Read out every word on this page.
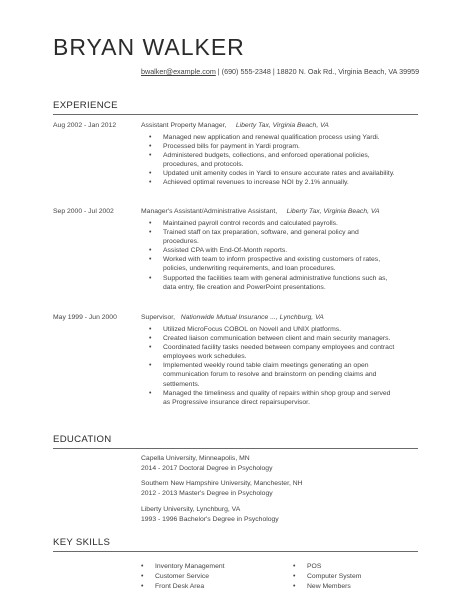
BRYAN WALKER
bwalker@example.com | (690) 555-2348 | 18820 N. Oak Rd., Virginia Beach, VA 39959
EXPERIENCE
Aug 2002 - Jan 2012	Assistant Property Manager, Liberty Tax, Virginia Beach, VA
• Managed new application and renewal qualification process using Yardi.
• Processed bills for payment in Yardi program.
• Administered budgets, collections, and enforced operational policies, procedures, and protocols.
• Updated unit amenity codes in Yardi to ensure accurate rates and availability.
• Achieved optimal revenues to increase NOI by 2.1% annually.
Sep 2000 - Jul 2002	Manager's Assistant/Administrative Assistant, Liberty Tax, Virginia Beach, VA
• Maintained payroll control records and calculated payrolls.
• Trained staff on tax preparation, software, and general policy and procedures.
• Assisted CPA with End-Of-Month reports.
• Worked with team to inform prospective and existing customers of rates, policies, underwriting requirements, and loan procedures.
• Supported the facilities team with general administrative functions such as, data entry, file creation and PowerPoint presentations.
May 1999 - Jun 2000	Supervisor, Nationwide Mutual Insurance ..., Lynchburg, VA
• Utilized MicroFocus COBOL on Novell and UNIX platforms.
• Created liaison communication between client and main security managers.
• Coordinated facility tasks needed between company employees and contract employees work schedules.
• Implemented weekly round table claim meetings generating an open communication forum to resolve and brainstorm on pending claims and settlements.
• Managed the timeliness and quality of repairs within shop group and served as Progressive insurance direct repairsupervisor.
EDUCATION
Capella University, Minneapolis, MN
2014 - 2017 Doctoral Degree in Psychology
Southern New Hampshire University, Manchester, NH
2012 - 2013 Master's Degree in Psychology
Liberty University, Lynchburg, VA
1993 - 1996 Bachelor's Degree in Psychology
KEY SKILLS
• Inventory Management
• Customer Service
• Front Desk Area
• POS
• Computer System
• New Members
